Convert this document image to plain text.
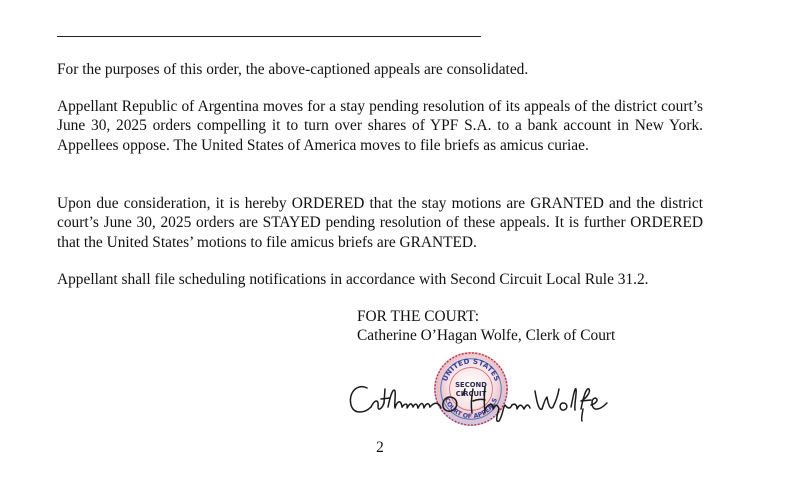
For the purposes of this order, the above-captioned appeals are consolidated.

Appellant Republic of Argentina moves for a stay pending resolution of its appeals of the district court’s June 30, 2025 orders compelling it to turn over shares of YPF S.A. to a bank account in New York. Appellees oppose. The United States of America moves to file briefs as amicus curiae.

Upon due consideration, it is hereby ORDERED that the stay motions are GRANTED and the district court’s June 30, 2025 orders are STAYED pending resolution of these appeals. It is further ORDERED that the United States’ motions to file amicus briefs are GRANTED.

Appellant shall file scheduling notifications in accordance with Second Circuit Local Rule 31.2.

FOR THE COURT:
Catherine O’Hagan Wolfe, Clerk of Court
UNITED STATES
COURT OF APPEALS
SECOND
CIRCUIT
2
